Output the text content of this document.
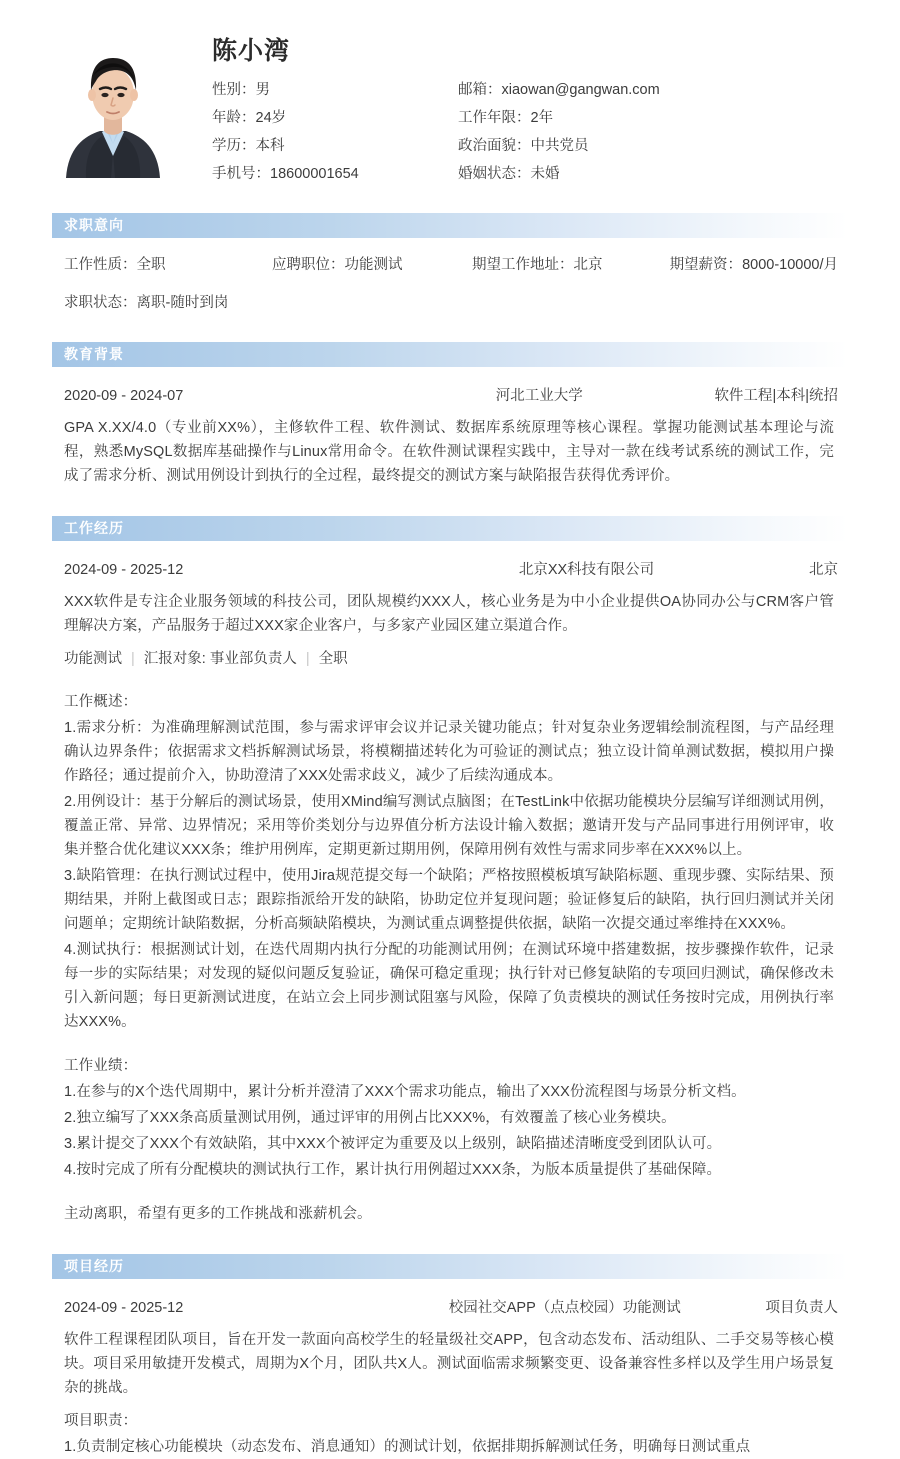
陈小湾
性别：男	邮箱：xiaowan@gangwan.com
年龄：24岁	工作年限：2年
学历：本科	政治面貌：中共党员
手机号：18600001654	婚姻状态：未婚
求职意向
工作性质：全职	应聘职位：功能测试	期望工作地址：北京	期望薪资：8000-10000/月
求职状态：离职-随时到岗
教育背景
2020-09 - 2024-07	河北工业大学	软件工程|本科|统招
GPA X.XX/4.0（专业前XX%），主修软件工程、软件测试、数据库系统原理等核心课程。掌握功能测试基本理论与流程，熟悉MySQL数据库基础操作与Linux常用命令。在软件测试课程实践中，主导对一款在线考试系统的测试工作，完成了需求分析、测试用例设计到执行的全过程，最终提交的测试方案与缺陷报告获得优秀评价。
工作经历
2024-09 - 2025-12	北京XX科技有限公司	北京
XXX软件是专注企业服务领域的科技公司，团队规模约XXX人，核心业务是为中小企业提供OA协同办公与CRM客户管理解决方案，产品服务于超过XXX家企业客户，与多家产业园区建立渠道合作。
功能测试 | 汇报对象: 事业部负责人 | 全职
工作概述：
1.需求分析：为准确理解测试范围，参与需求评审会议并记录关键功能点；针对复杂业务逻辑绘制流程图，与产品经理确认边界条件；依据需求文档拆解测试场景，将模糊描述转化为可验证的测试点；独立设计简单测试数据，模拟用户操作路径；通过提前介入，协助澄清了XXX处需求歧义，减少了后续沟通成本。
2.用例设计：基于分解后的测试场景，使用XMind编写测试点脑图；在TestLink中依据功能模块分层编写详细测试用例，覆盖正常、异常、边界情况；采用等价类划分与边界值分析方法设计输入数据；邀请开发与产品同事进行用例评审，收集并整合优化建议XXX条；维护用例库，定期更新过期用例，保障用例有效性与需求同步率在XXX%以上。
3.缺陷管理：在执行测试过程中，使用Jira规范提交每一个缺陷；严格按照模板填写缺陷标题、重现步骤、实际结果、预期结果，并附上截图或日志；跟踪指派给开发的缺陷，协助定位并复现问题；验证修复后的缺陷，执行回归测试并关闭问题单；定期统计缺陷数据，分析高频缺陷模块，为测试重点调整提供依据，缺陷一次提交通过率维持在XXX%。
4.测试执行：根据测试计划，在迭代周期内执行分配的功能测试用例；在测试环境中搭建数据，按步骤操作软件，记录每一步的实际结果；对发现的疑似问题反复验证，确保可稳定重现；执行针对已修复缺陷的专项回归测试，确保修改未引入新问题；每日更新测试进度，在站立会上同步测试阻塞与风险，保障了负责模块的测试任务按时完成，用例执行率达XXX%。
工作业绩：
1.在参与的X个迭代周期中，累计分析并澄清了XXX个需求功能点，输出了XXX份流程图与场景分析文档。
2.独立编写了XXX条高质量测试用例，通过评审的用例占比XXX%，有效覆盖了核心业务模块。
3.累计提交了XXX个有效缺陷，其中XXX个被评定为重要及以上级别，缺陷描述清晰度受到团队认可。
4.按时完成了所有分配模块的测试执行工作，累计执行用例超过XXX条，为版本质量提供了基础保障。
主动离职，希望有更多的工作挑战和涨薪机会。
项目经历
2024-09 - 2025-12	校园社交APP（点点校园）功能测试	项目负责人
软件工程课程团队项目，旨在开发一款面向高校学生的轻量级社交APP，包含动态发布、活动组队、二手交易等核心模块。项目采用敏捷开发模式，周期为X个月，团队共X人。测试面临需求频繁变更、设备兼容性多样以及学生用户场景复杂的挑战。
项目职责：
1.负责制定核心功能模块（动态发布、消息通知）的测试计划，依据排期拆解测试任务，明确每日测试重点
